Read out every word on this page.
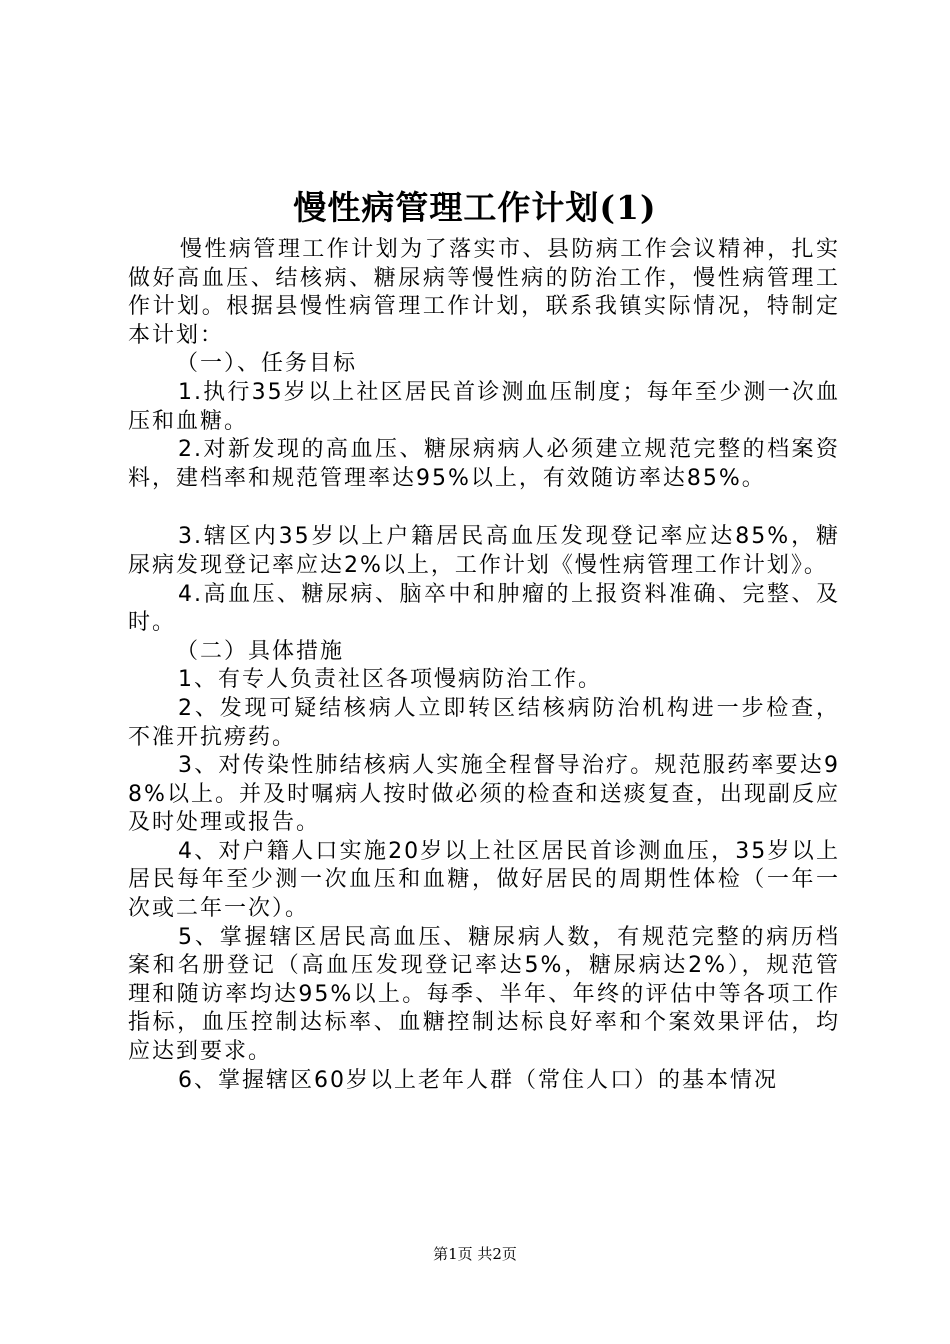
慢性病管理工作计划(1)

慢性病管理工作计划为了落实市、县防病工作会议精神，扎实做好高血压、结核病、糖尿病等慢性病的防治工作，慢性病管理工作计划。根据县慢性病管理工作计划，联系我镇实际情况，特制定本计划：

（一）、任务目标

1.执行35岁以上社区居民首诊测血压制度；每年至少测一次血压和血糖。

2.对新发现的高血压、糖尿病病人必须建立规范完整的档案资料，建档率和规范管理率达95%以上，有效随访率达85%。

3.辖区内35岁以上户籍居民高血压发现登记率应达85%，糖尿病发现登记率应达2%以上，工作计划《慢性病管理工作计划》。

4.高血压、糖尿病、脑卒中和肿瘤的上报资料准确、完整、及时。

（二）具体措施

1、有专人负责社区各项慢病防治工作。

2、发现可疑结核病人立即转区结核病防治机构进一步检查，不准开抗痨药。

3、对传染性肺结核病人实施全程督导治疗。规范服药率要达98%以上。并及时嘱病人按时做必须的检查和送痰复查，出现副反应及时处理或报告。

4、对户籍人口实施20岁以上社区居民首诊测血压，35岁以上居民每年至少测一次血压和血糖，做好居民的周期性体检（一年一次或二年一次）。

5、掌握辖区居民高血压、糖尿病人数，有规范完整的病历档案和名册登记（高血压发现登记率达5%，糖尿病达2%），规范管理和随访率均达95%以上。每季、半年、年终的评估中等各项工作指标，血压控制达标率、血糖控制达标良好率和个案效果评估，均应达到要求。

6、掌握辖区60岁以上老年人群（常住人口）的基本情况

第1页 共2页
